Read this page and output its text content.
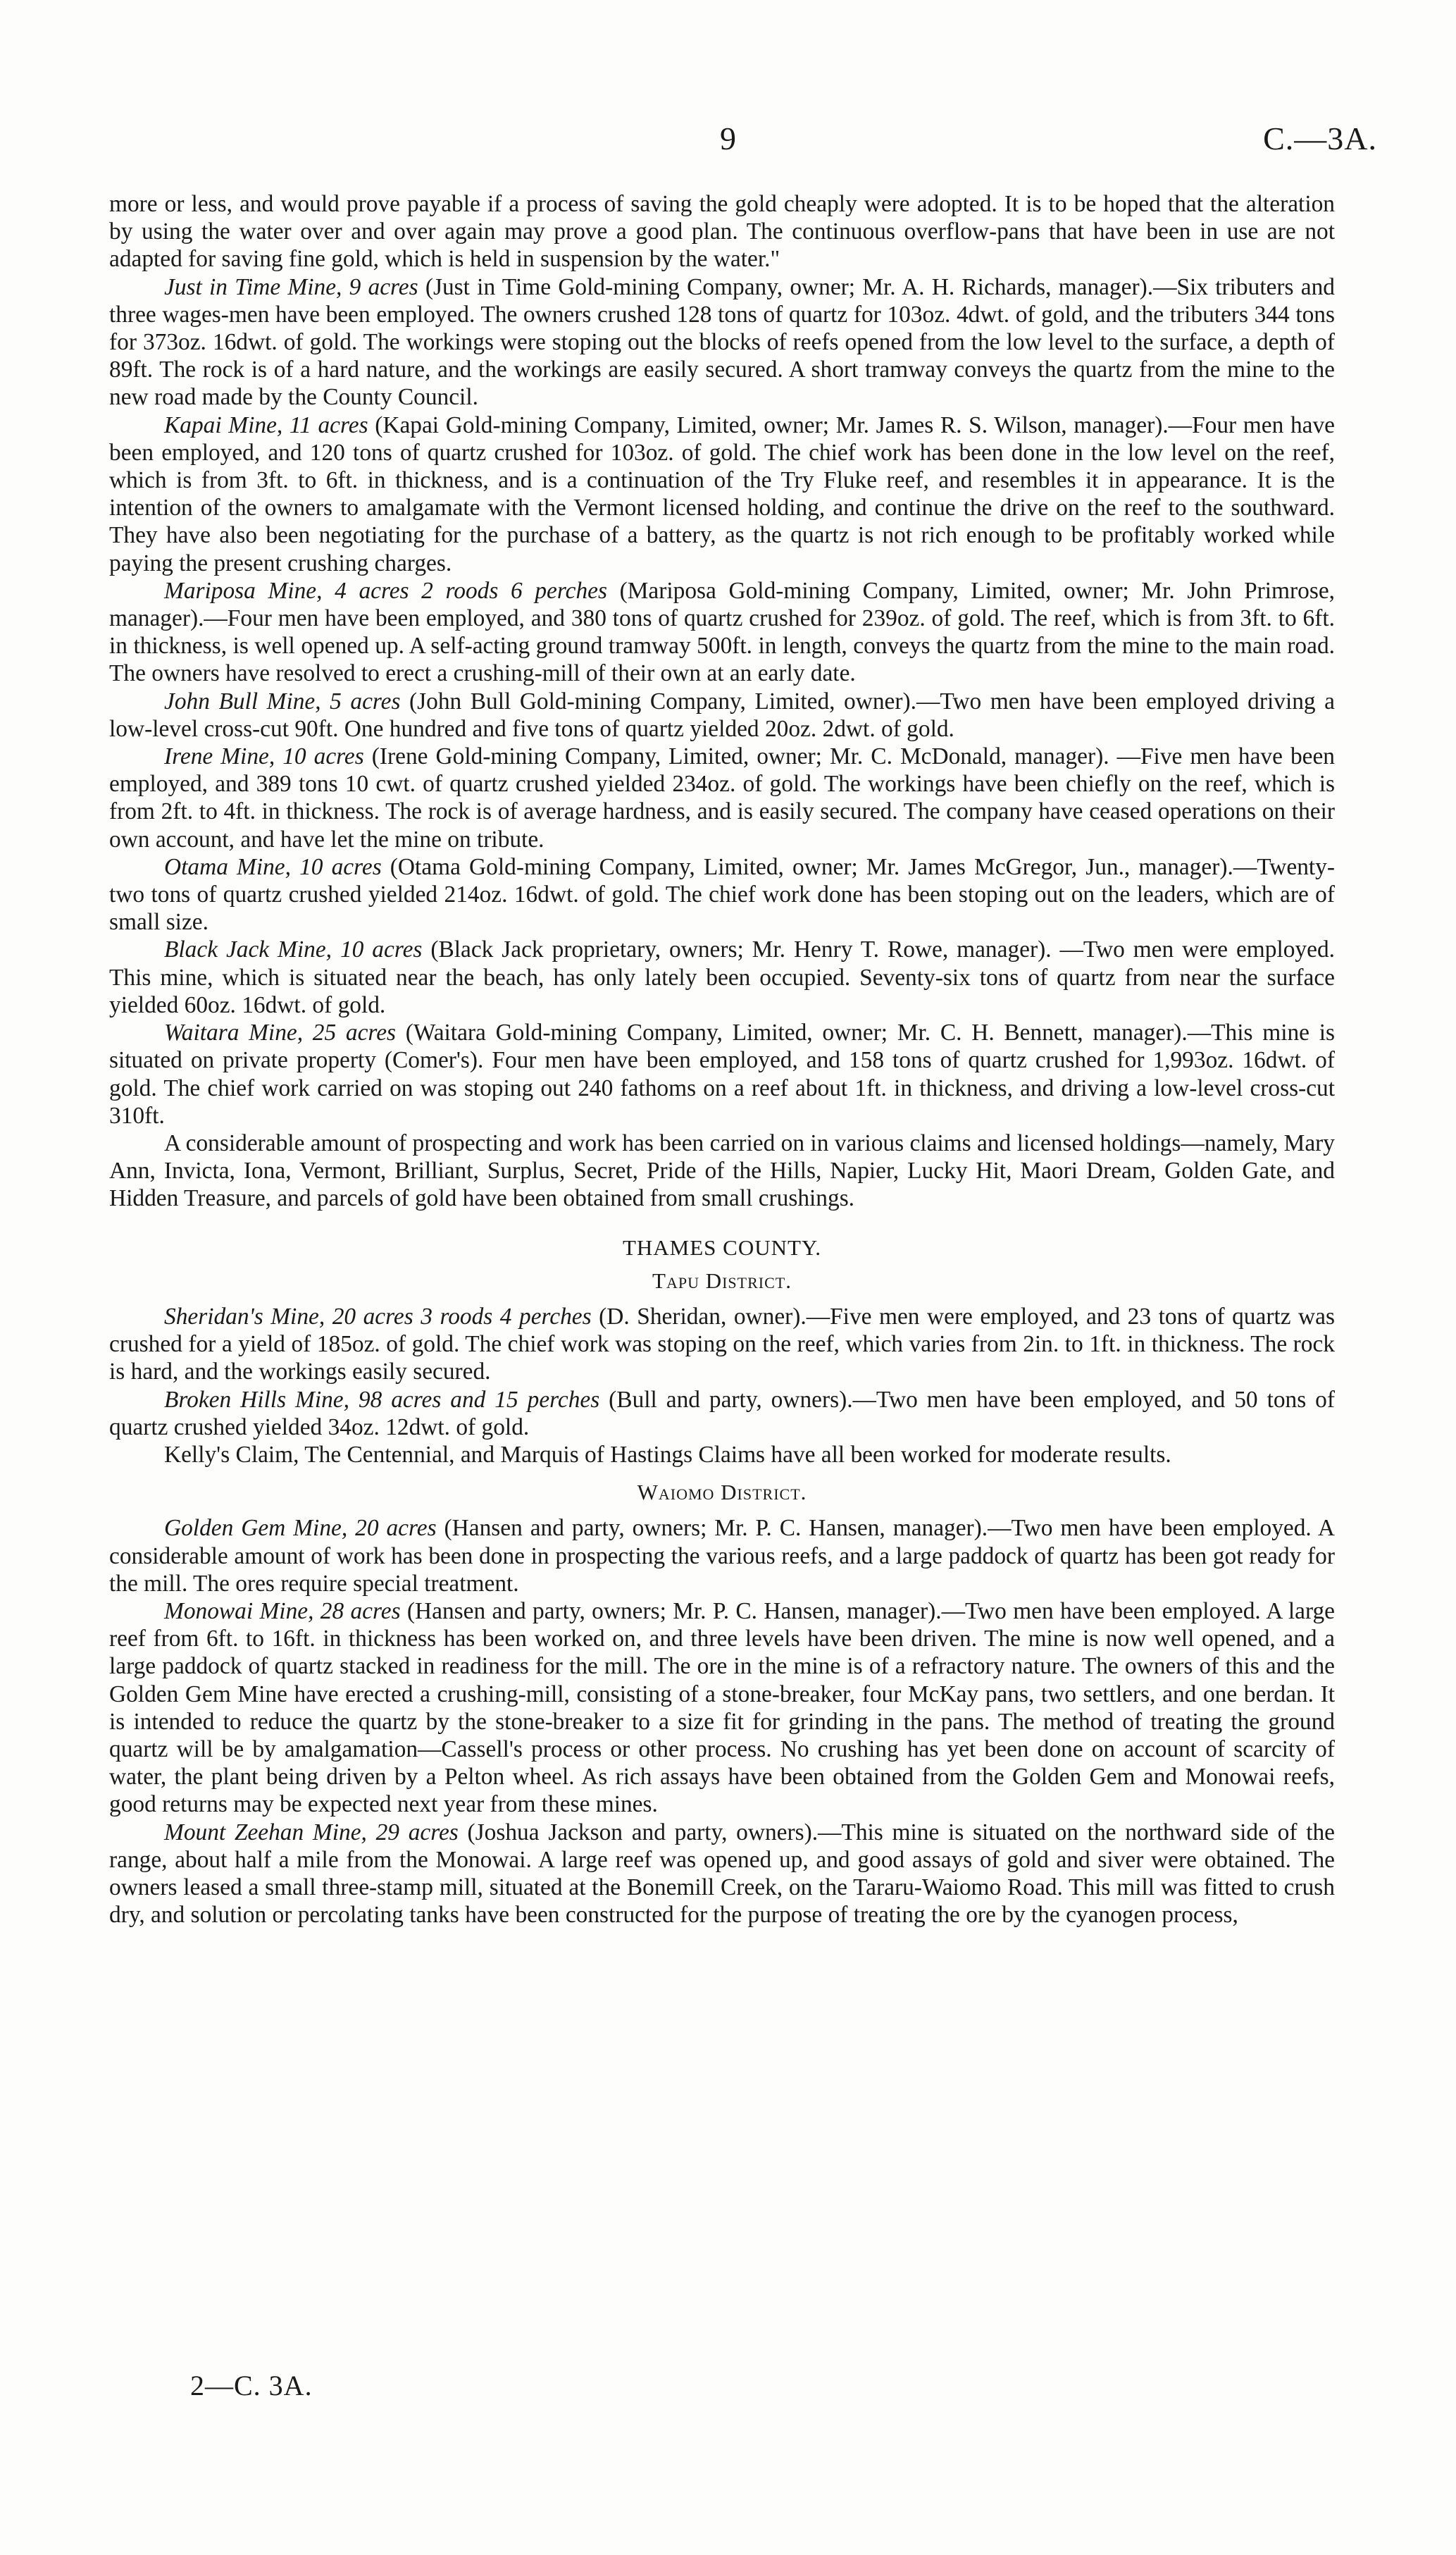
9	C.—3A.

more or less, and would prove payable if a process of saving the gold cheaply were adopted. It is to be hoped that the alteration by using the water over and over again may prove a good plan. The continuous overflow-pans that have been in use are not adapted for saving fine gold, which is held in suspension by the water."

Just in Time Mine, 9 acres (Just in Time Gold-mining Company, owner; Mr. A. H. Richards, manager).—Six tributers and three wages-men have been employed. The owners crushed 128 tons of quartz for 103oz. 4dwt. of gold, and the tributers 344 tons for 373oz. 16dwt. of gold. The workings were stoping out the blocks of reefs opened from the low level to the surface, a depth of 89ft. The rock is of a hard nature, and the workings are easily secured. A short tramway conveys the quartz from the mine to the new road made by the County Council.

Kapai Mine, 11 acres (Kapai Gold-mining Company, Limited, owner; Mr. James R. S. Wilson, manager).—Four men have been employed, and 120 tons of quartz crushed for 103oz. of gold. The chief work has been done in the low level on the reef, which is from 3ft. to 6ft. in thickness, and is a continuation of the Try Fluke reef, and resembles it in appearance. It is the intention of the owners to amalgamate with the Vermont licensed holding, and continue the drive on the reef to the southward. They have also been negotiating for the purchase of a battery, as the quartz is not rich enough to be profitably worked while paying the present crushing charges.

Mariposa Mine, 4 acres 2 roods 6 perches (Mariposa Gold-mining Company, Limited, owner; Mr. John Primrose, manager).—Four men have been employed, and 380 tons of quartz crushed for 239oz. of gold. The reef, which is from 3ft. to 6ft. in thickness, is well opened up. A self-acting ground tramway 500ft. in length, conveys the quartz from the mine to the main road. The owners have resolved to erect a crushing-mill of their own at an early date.

John Bull Mine, 5 acres (John Bull Gold-mining Company, Limited, owner).—Two men have been employed driving a low-level cross-cut 90ft. One hundred and five tons of quartz yielded 20oz. 2dwt. of gold.

Irene Mine, 10 acres (Irene Gold-mining Company, Limited, owner; Mr. C. McDonald, manager). —Five men have been employed, and 389 tons 10 cwt. of quartz crushed yielded 234oz. of gold. The workings have been chiefly on the reef, which is from 2ft. to 4ft. in thickness. The rock is of average hardness, and is easily secured. The company have ceased operations on their own account, and have let the mine on tribute.

Otama Mine, 10 acres (Otama Gold-mining Company, Limited, owner; Mr. James McGregor, Jun., manager).—Twenty-two tons of quartz crushed yielded 214oz. 16dwt. of gold. The chief work done has been stoping out on the leaders, which are of small size.

Black Jack Mine, 10 acres (Black Jack proprietary, owners; Mr. Henry T. Rowe, manager). —Two men were employed. This mine, which is situated near the beach, has only lately been occupied. Seventy-six tons of quartz from near the surface yielded 60oz. 16dwt. of gold.

Waitara Mine, 25 acres (Waitara Gold-mining Company, Limited, owner; Mr. C. H. Bennett, manager).—This mine is situated on private property (Comer's). Four men have been employed, and 158 tons of quartz crushed for 1,993oz. 16dwt. of gold. The chief work carried on was stoping out 240 fathoms on a reef about 1ft. in thickness, and driving a low-level cross-cut 310ft.

A considerable amount of prospecting and work has been carried on in various claims and licensed holdings—namely, Mary Ann, Invicta, Iona, Vermont, Brilliant, Surplus, Secret, Pride of the Hills, Napier, Lucky Hit, Maori Dream, Golden Gate, and Hidden Treasure, and parcels of gold have been obtained from small crushings.

THAMES COUNTY.
Tapu District.

Sheridan's Mine, 20 acres 3 roods 4 perches (D. Sheridan, owner).—Five men were employed, and 23 tons of quartz was crushed for a yield of 185oz. of gold. The chief work was stoping on the reef, which varies from 2in. to 1ft. in thickness. The rock is hard, and the workings easily secured.

Broken Hills Mine, 98 acres and 15 perches (Bull and party, owners).—Two men have been employed, and 50 tons of quartz crushed yielded 34oz. 12dwt. of gold.

Kelly's Claim, The Centennial, and Marquis of Hastings Claims have all been worked for moderate results.

Waiomo District.

Golden Gem Mine, 20 acres (Hansen and party, owners; Mr. P. C. Hansen, manager).—Two men have been employed. A considerable amount of work has been done in prospecting the various reefs, and a large paddock of quartz has been got ready for the mill. The ores require special treatment.

Monowai Mine, 28 acres (Hansen and party, owners; Mr. P. C. Hansen, manager).—Two men have been employed. A large reef from 6ft. to 16ft. in thickness has been worked on, and three levels have been driven. The mine is now well opened, and a large paddock of quartz stacked in readiness for the mill. The ore in the mine is of a refractory nature. The owners of this and the Golden Gem Mine have erected a crushing-mill, consisting of a stone-breaker, four McKay pans, two settlers, and one berdan. It is intended to reduce the quartz by the stone-breaker to a size fit for grinding in the pans. The method of treating the ground quartz will be by amalgamation—Cassell's process or other process. No crushing has yet been done on account of scarcity of water, the plant being driven by a Pelton wheel. As rich assays have been obtained from the Golden Gem and Monowai reefs, good returns may be expected next year from these mines.

Mount Zeehan Mine, 29 acres (Joshua Jackson and party, owners).—This mine is situated on the northward side of the range, about half a mile from the Monowai. A large reef was opened up, and good assays of gold and siver were obtained. The owners leased a small three-stamp mill, situated at the Bonemill Creek, on the Tararu-Waiomo Road. This mill was fitted to crush dry, and solution or percolating tanks have been constructed for the purpose of treating the ore by the cyanogen process,

2—C. 3A.
